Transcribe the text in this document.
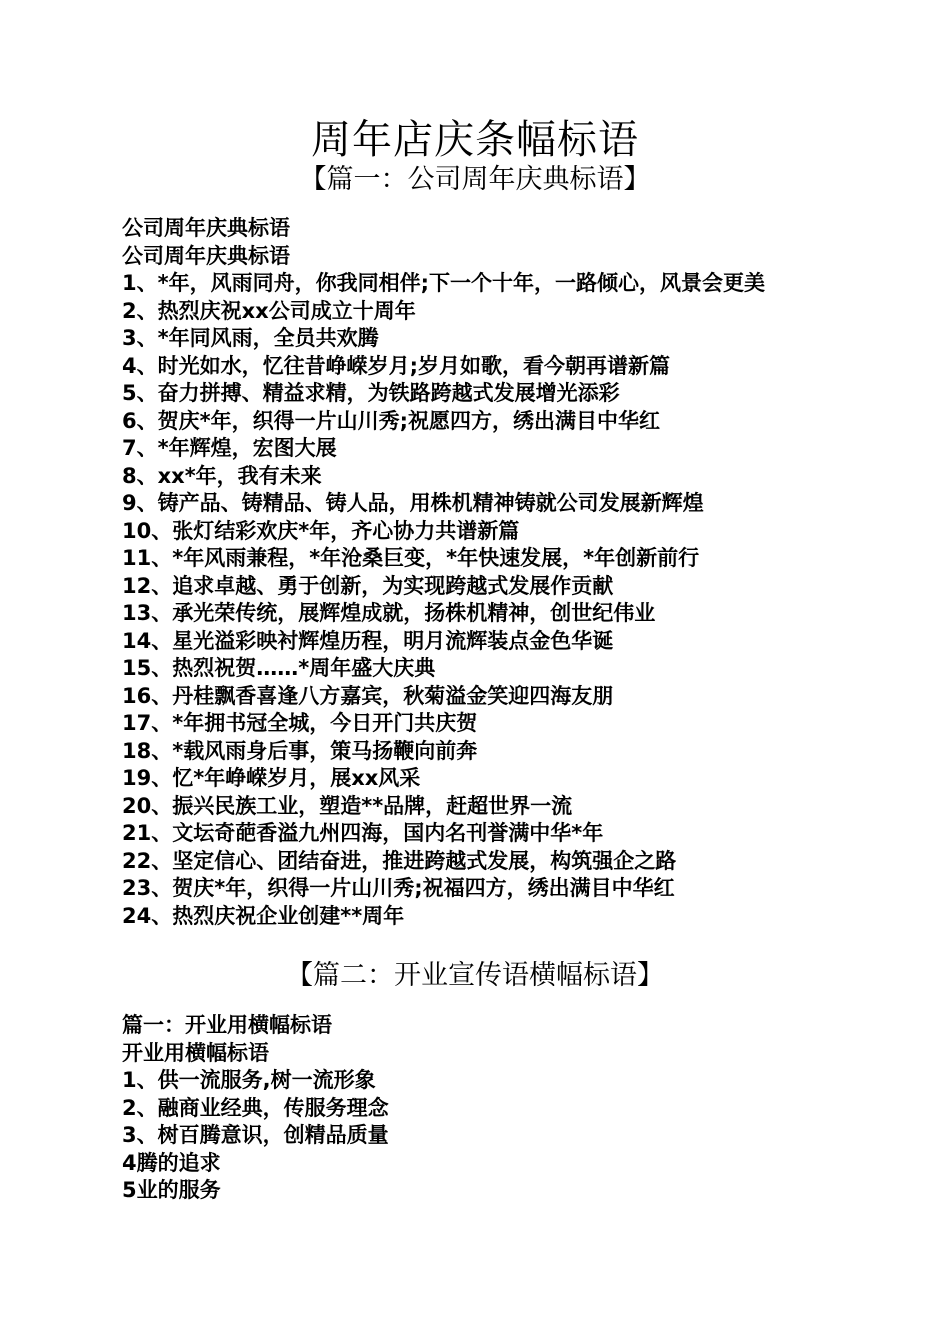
周年店庆条幅标语
【篇一：公司周年庆典标语】
公司周年庆典标语
公司周年庆典标语
1、*年，风雨同舟，你我同相伴;下一个十年，一路倾心，风景会更美
2、热烈庆祝xx公司成立十周年
3、*年同风雨，全员共欢腾
4、时光如水，忆往昔峥嵘岁月;岁月如歌，看今朝再谱新篇
5、奋力拼搏、精益求精，为铁路跨越式发展增光添彩
6、贺庆*年，织得一片山川秀;祝愿四方，绣出满目中华红
7、*年辉煌，宏图大展
8、xx*年，我有未来
9、铸产品、铸精品、铸人品，用株机精神铸就公司发展新辉煌
10、张灯结彩欢庆*年，齐心协力共谱新篇
11、*年风雨兼程，*年沧桑巨变，*年快速发展，*年创新前行
12、追求卓越、勇于创新，为实现跨越式发展作贡献
13、承光荣传统，展辉煌成就，扬株机精神，创世纪伟业
14、星光溢彩映衬辉煌历程，明月流辉装点金色华诞
15、热烈祝贺……*周年盛大庆典
16、丹桂飘香喜逢八方嘉宾，秋菊溢金笑迎四海友朋
17、*年拥书冠全城，今日开门共庆贺
18、*载风雨身后事，策马扬鞭向前奔
19、忆*年峥嵘岁月，展xx风采
20、振兴民族工业，塑造**品牌，赶超世界一流
21、文坛奇葩香溢九州四海，国内名刊誉满中华*年
22、坚定信心、团结奋进，推进跨越式发展，构筑强企之路
23、贺庆*年，织得一片山川秀;祝福四方，绣出满目中华红
24、热烈庆祝企业创建**周年
【篇二：开业宣传语横幅标语】
篇一：开业用横幅标语
开业用横幅标语
1、供一流服务,树一流形象
2、融商业经典，传服务理念
3、树百腾意识，创精品质量
4腾的追求
5业的服务
